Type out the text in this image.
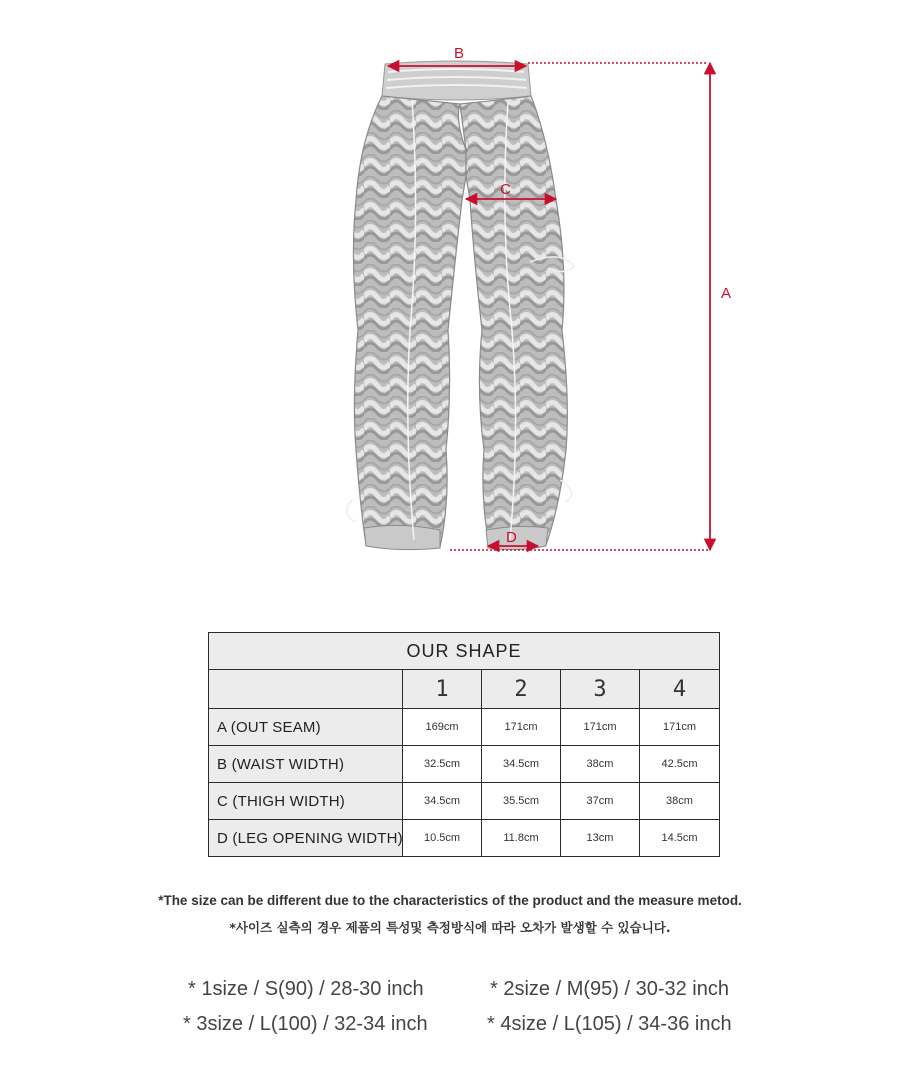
B
A
C
D
OUR SHAPE				
	1	2	3	4
A (OUT SEAM)	169cm	171cm	171cm	171cm
B (WAIST WIDTH)	32.5cm	34.5cm	38cm	42.5cm
C (THIGH WIDTH)	34.5cm	35.5cm	37cm	38cm
D (LEG OPENING WIDTH)	10.5cm	11.8cm	13cm	14.5cm
*The size can be different due to the characteristics of the product and the measure metod.
*사이즈 실측의 경우 제품의 특성및 측정방식에 따라 오차가 발생할 수 있습니다.
* 1size / S(90) / 28-30 inch	* 2size / M(95) / 30-32 inch
* 3size / L(100) / 32-34 inch	* 4size / L(105) / 34-36 inch
